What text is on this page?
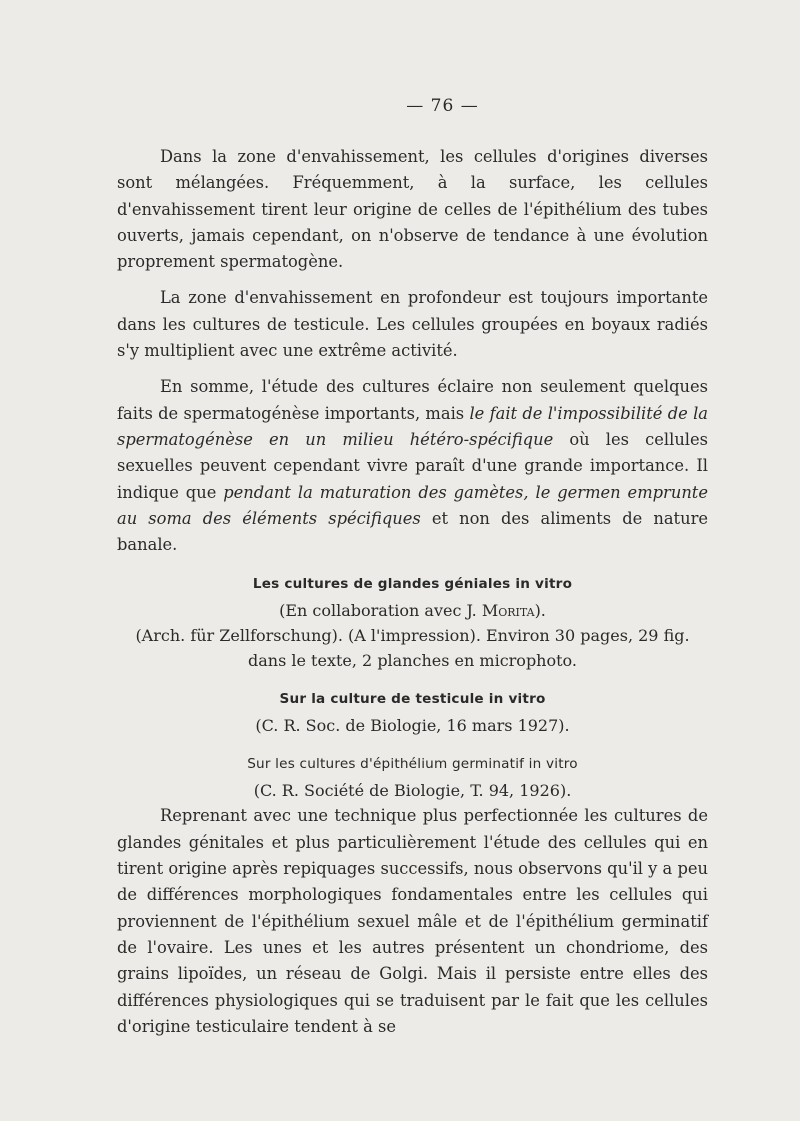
— 76 —

Dans la zone d'envahissement, les cellules d'origines diverses sont mélangées. Fréquemment, à la surface, les cellules d'envahissement tirent leur origine de celles de l'épithélium des tubes ouverts, jamais cependant, on n'observe de tendance à une évolution proprement spermatogène.

La zone d'envahissement en profondeur est toujours importante dans les cultures de testicule. Les cellules groupées en boyaux radiés s'y multiplient avec une extrême activité.

En somme, l'étude des cultures éclaire non seulement quelques faits de spermatogénèse importants, mais le fait de l'impossibilité de la spermatogénèse en un milieu hétéro-spécifique où les cellules sexuelles peuvent cependant vivre paraît d'une grande importance. Il indique que pendant la maturation des gamètes, le germen emprunte au soma des éléments spécifiques et non des aliments de nature banale.

Les cultures de glandes géniales in vitro

(En collaboration avec J. Morita).

(Arch. für Zellforschung). (A l'impression). Environ 30 pages, 29 fig.

dans le texte, 2 planches en microphoto.

Sur la culture de testicule in vitro

(C. R. Soc. de Biologie, 16 mars 1927).

Sur les cultures d'épithélium germinatif in vitro

(C. R. Société de Biologie, T. 94, 1926).

Reprenant avec une technique plus perfectionnée les cultures de glandes génitales et plus particulièrement l'étude des cellules qui en tirent origine après repiquages successifs, nous observons qu'il y a peu de différences morphologiques fondamentales entre les cellules qui proviennent de l'épithélium sexuel mâle et de l'épithélium germinatif de l'ovaire. Les unes et les autres présentent un chondriome, des grains lipoïdes, un réseau de Golgi. Mais il persiste entre elles des différences physiologiques qui se traduisent par le fait que les cellules d'origine testiculaire tendent à se
